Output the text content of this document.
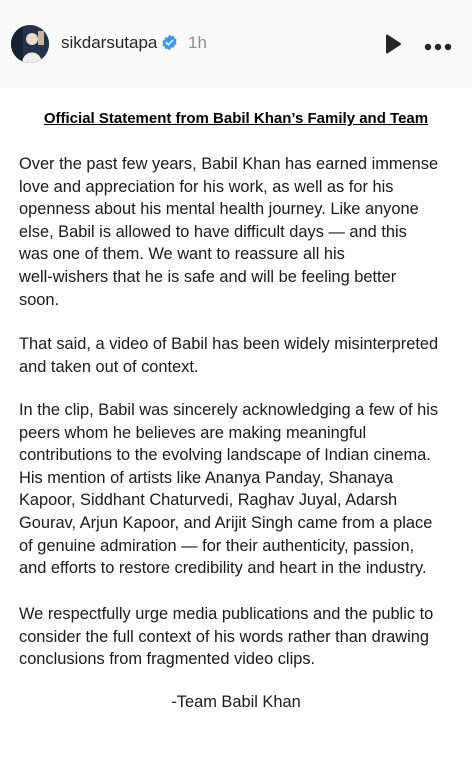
sikdarsutapa 1h

Official Statement from Babil Khan’s Family and Team

Over the past few years, Babil Khan has earned immense
love and appreciation for his work, as well as for his
openness about his mental health journey. Like anyone
else, Babil is allowed to have difficult days — and this
was one of them. We want to reassure all his
well-wishers that he is safe and will be feeling better
soon.

That said, a video of Babil has been widely misinterpreted
and taken out of context.

In the clip, Babil was sincerely acknowledging a few of his
peers whom he believes are making meaningful
contributions to the evolving landscape of Indian cinema.
His mention of artists like Ananya Panday, Shanaya
Kapoor, Siddhant Chaturvedi, Raghav Juyal, Adarsh
Gourav, Arjun Kapoor, and Arijit Singh came from a place
of genuine admiration — for their authenticity, passion,
and efforts to restore credibility and heart in the industry.

We respectfully urge media publications and the public to
consider the full context of his words rather than drawing
conclusions from fragmented video clips.

-Team Babil Khan
